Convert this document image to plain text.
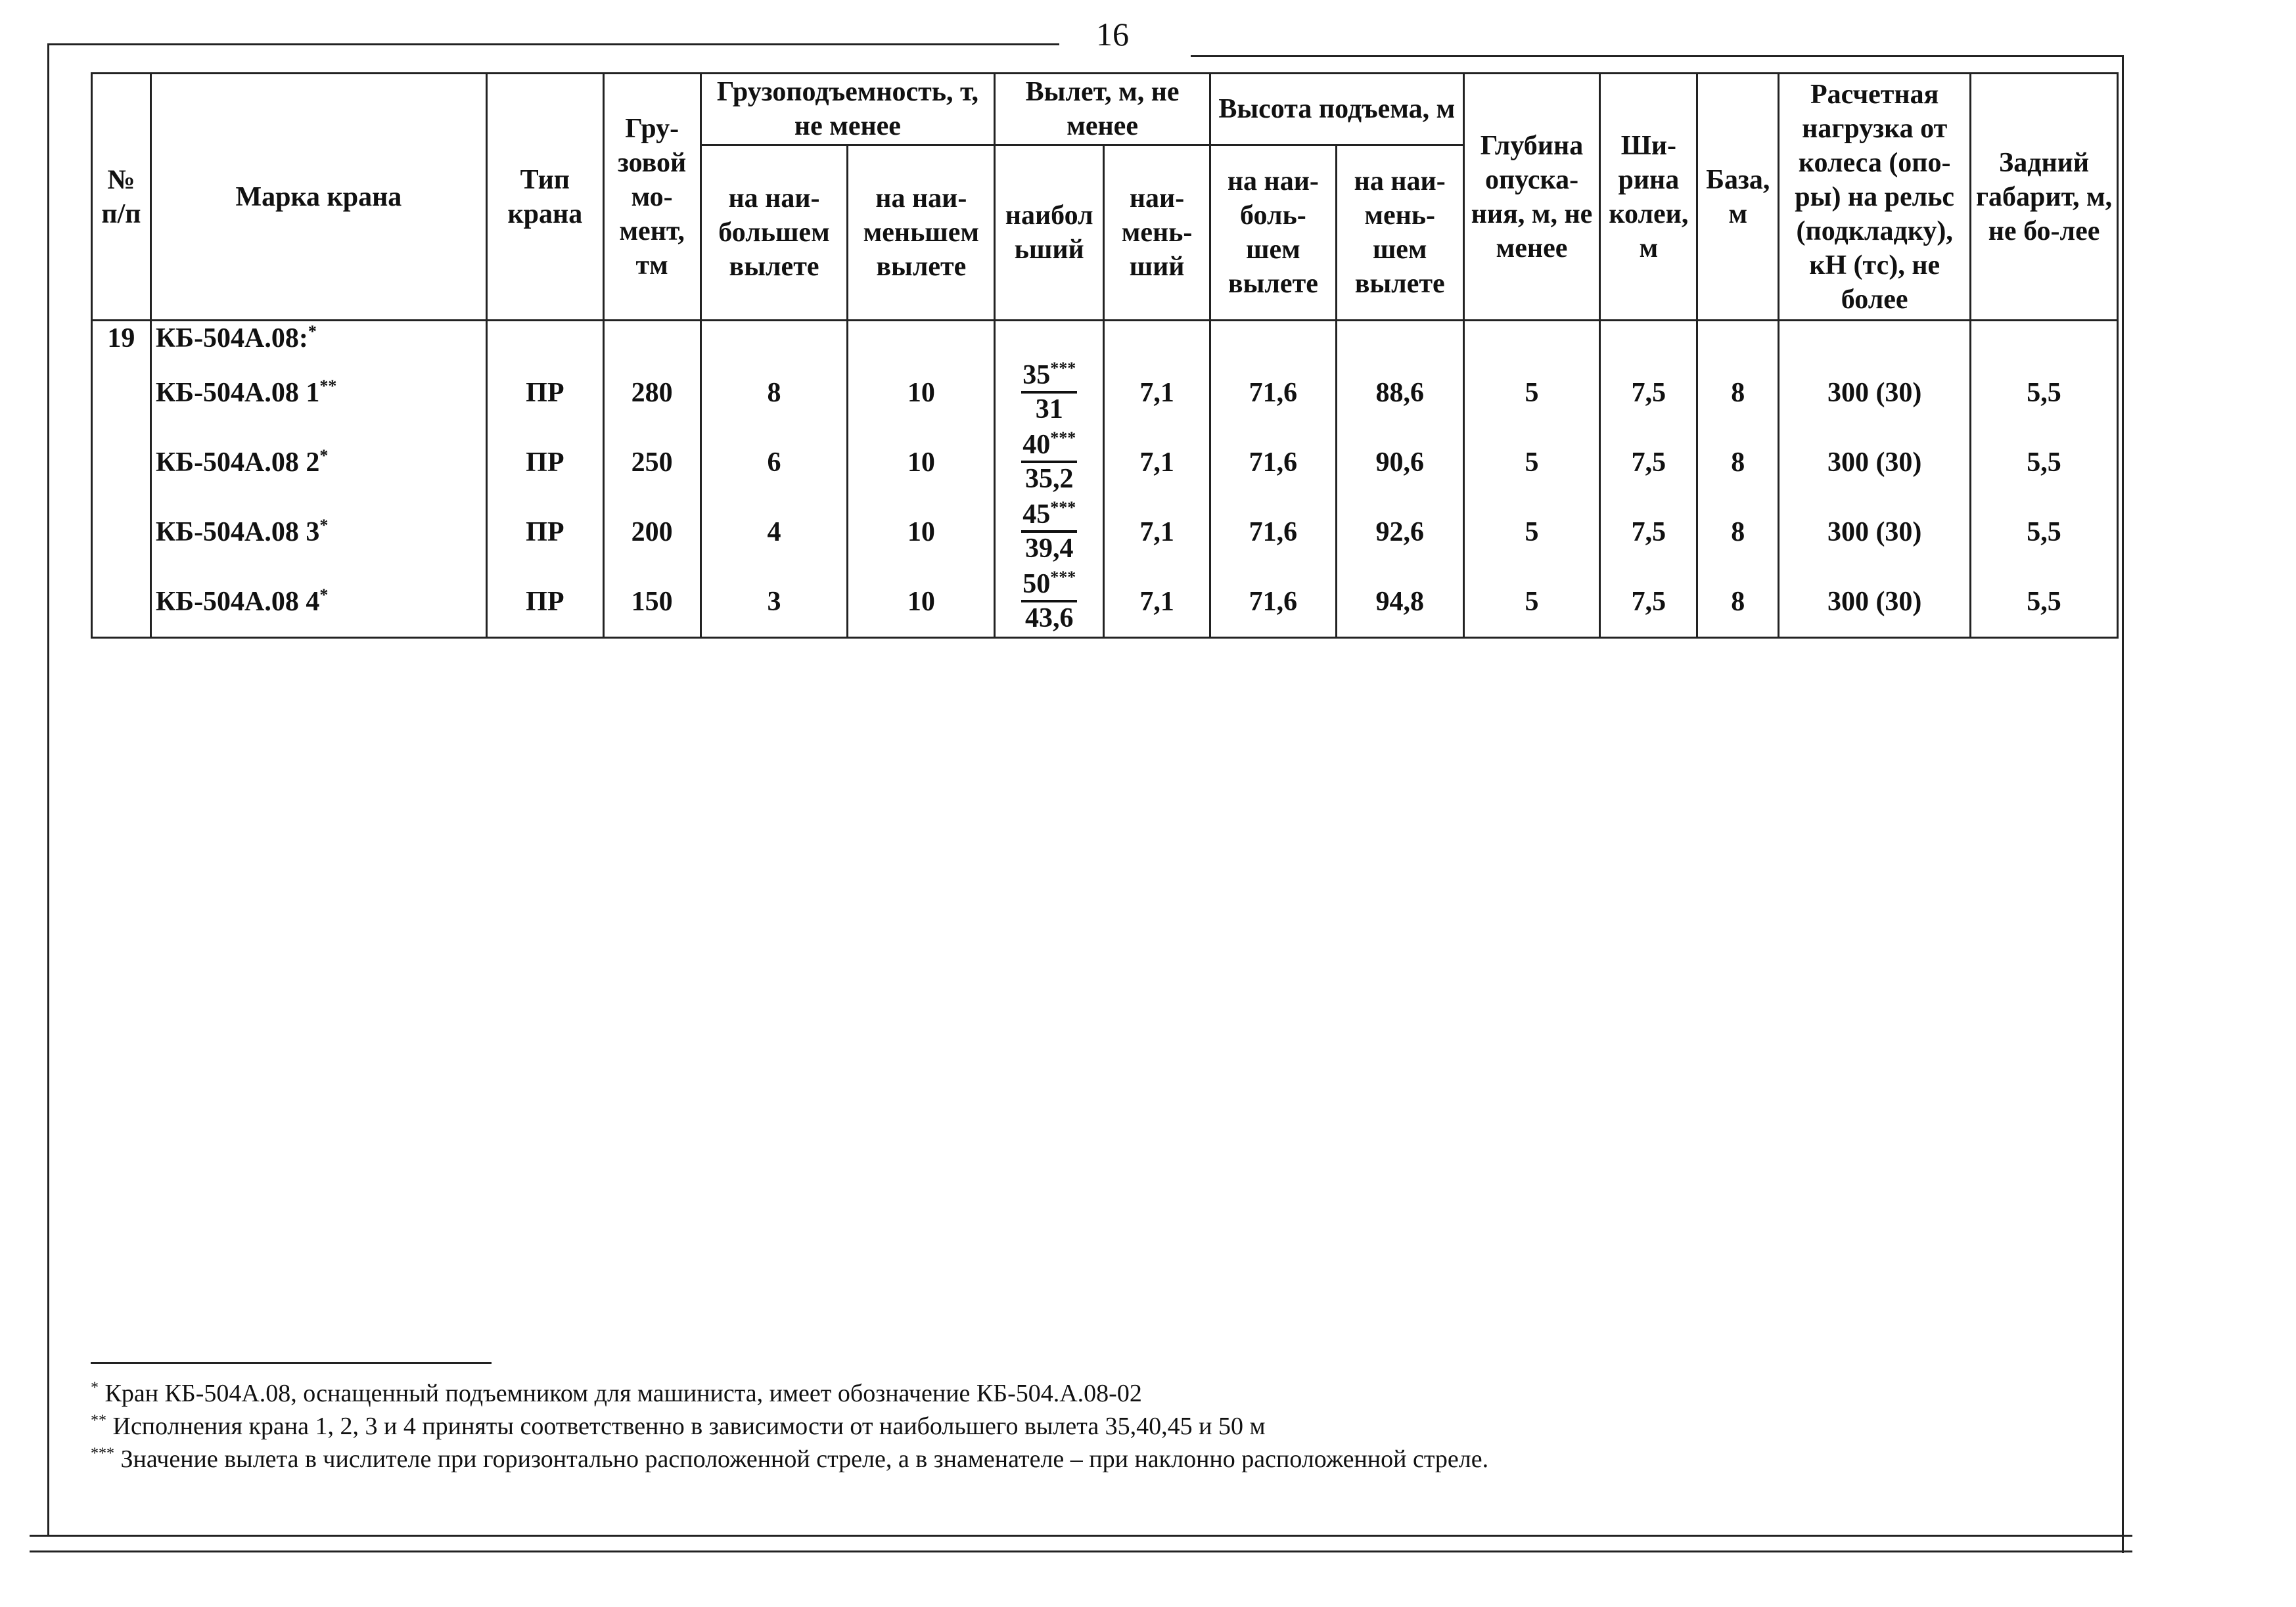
16
№ п/п	Марка крана	Тип крана	Гру-зовой мо-мент, тм	Грузоподъемность, т, не менее		Вылет, м, не менее		Высота подъема, м		Глубина опуска-ния, м, не менее	Ши-рина колеи, м	База, м	Расчетная нагрузка от колеса (опо-ры) на рельс (подкладку), кН (тс), не более	Задний габарит, м, не бо-лее
				на наи-большем вылете	на наи-меньшем вылете	наибол ьший	наи-мень-ший	на наи-боль-шем вылете	на наи-мень-шем вылете					
19	КБ-504А.08:*													
	КБ-504А.08 1**	ПР	280	8	10	$\frac{35^{***}}{31}$	7,1	71,6	88,6	5	7,5	8	300 (30)	5,5
	КБ-504А.08 2*	ПР	250	6	10	$\frac{40^{***}}{35,2}$	7,1	71,6	90,6	5	7,5	8	300 (30)	5,5
	КБ-504А.08 3*	ПР	200	4	10	$\frac{45^{***}}{39,4}$	7,1	71,6	92,6	5	7,5	8	300 (30)	5,5
	КБ-504А.08 4*	ПР	150	3	10	$\frac{50^{***}}{43,6}$	7,1	71,6	94,8	5	7,5	8	300 (30)	5,5
* Кран КБ-504А.08, оснащенный подъемником для машиниста, имеет обозначение КБ-504.А.08-02
** Исполнения крана 1, 2, 3 и 4 приняты соответственно в зависимости от наибольшего вылета 35,40,45 и 50 м
*** Значение вылета в числителе при горизонтально расположенной стреле, а в знаменателе – при наклонно расположенной стреле.
